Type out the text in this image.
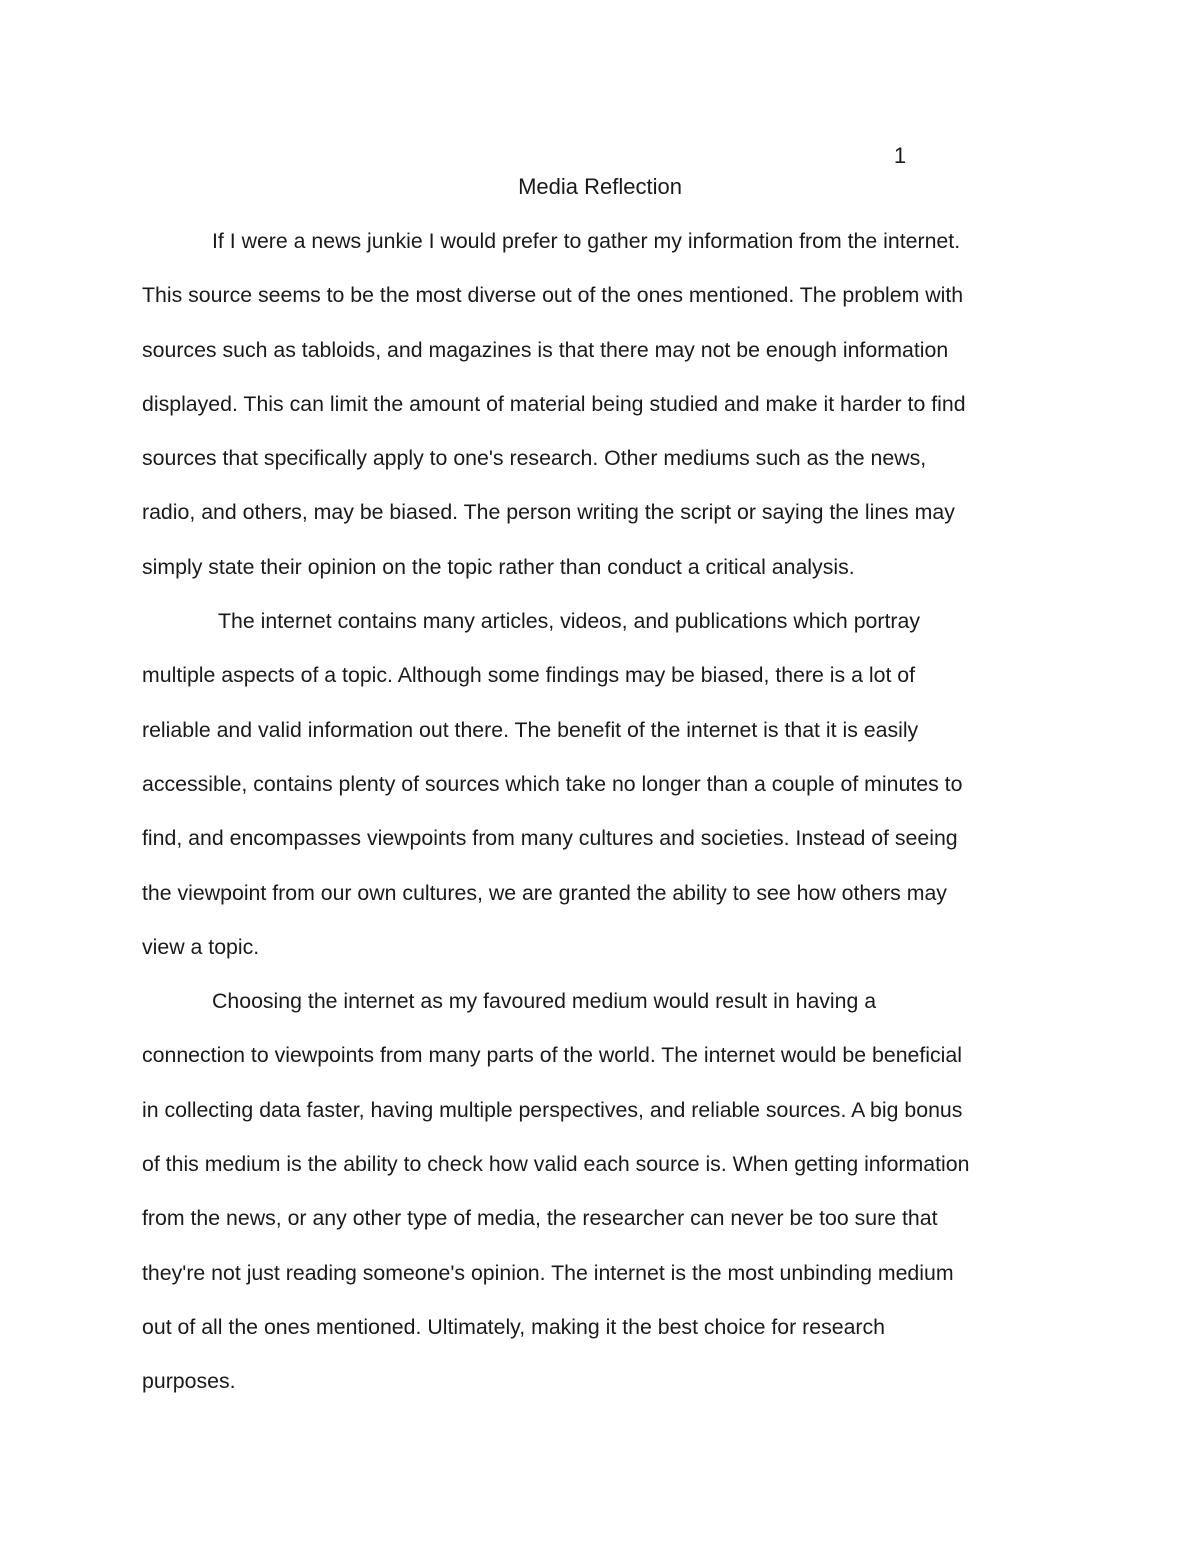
1
Media Reflection
If I were a news junkie I would prefer to gather my information from the internet.
This source seems to be the most diverse out of the ones mentioned. The problem with
sources such as tabloids, and magazines is that there may not be enough information
displayed. This can limit the amount of material being studied and make it harder to find
sources that specifically apply to one's research. Other mediums such as the news,
radio, and others, may be biased. The person writing the script or saying the lines may
simply state their opinion on the topic rather than conduct a critical analysis.
The internet contains many articles, videos, and publications which portray
multiple aspects of a topic. Although some findings may be biased, there is a lot of
reliable and valid information out there. The benefit of the internet is that it is easily
accessible, contains plenty of sources which take no longer than a couple of minutes to
find, and encompasses viewpoints from many cultures and societies. Instead of seeing
the viewpoint from our own cultures, we are granted the ability to see how others may
view a topic.
Choosing the internet as my favoured medium would result in having a
connection to viewpoints from many parts of the world. The internet would be beneficial
in collecting data faster, having multiple perspectives, and reliable sources. A big bonus
of this medium is the ability to check how valid each source is. When getting information
from the news, or any other type of media, the researcher can never be too sure that
they're not just reading someone's opinion. The internet is the most unbinding medium
out of all the ones mentioned. Ultimately, making it the best choice for research
purposes.
